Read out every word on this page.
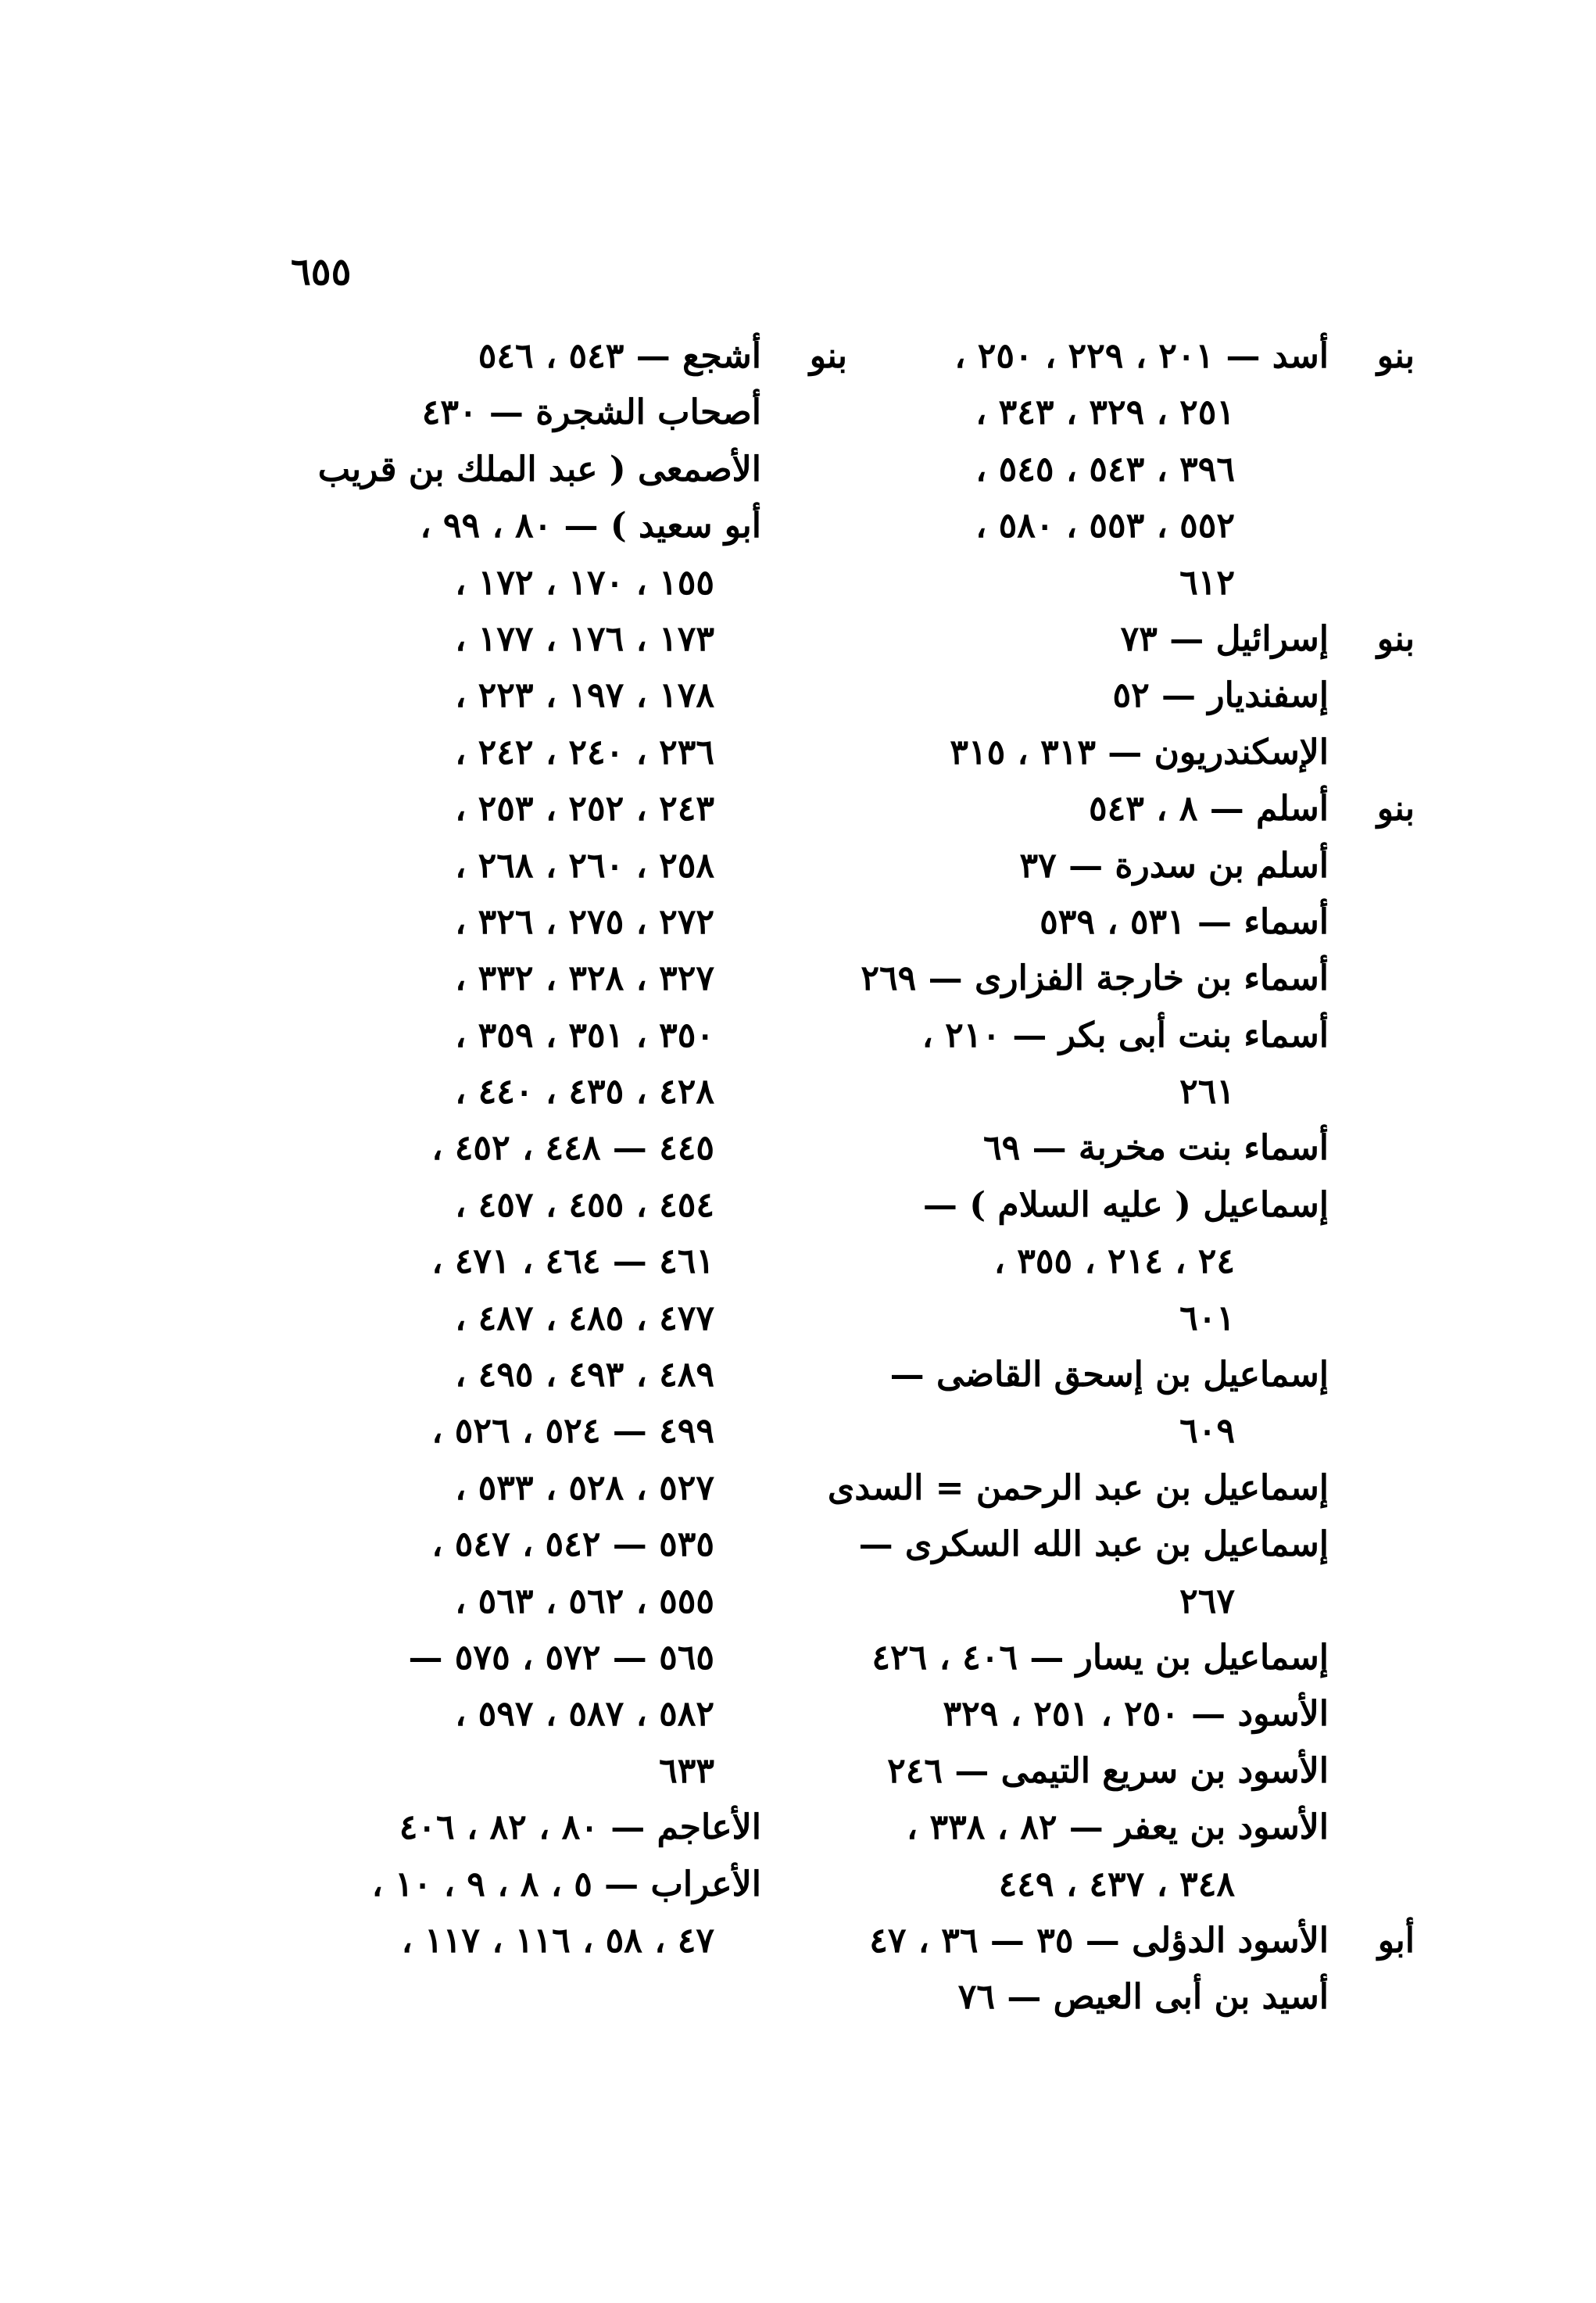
٦٥٥
بنو
أسد — ٢٠١ ، ٢٢٩ ، ٢٥٠ ،
٢٥١ ، ٣٢٩ ، ٣٤٣ ،
٣٩٦ ، ٥٤٣ ، ٥٤٥ ،
٥٥٢ ، ٥٥٣ ، ٥٨٠ ،
٦١٢
بنو
إسرائيل — ٧٣
إسفنديار — ٥٢
الإسكندريون — ٣١٣ ، ٣١٥
بنو
أسلم — ٨ ، ٥٤٣
أسلم بن سدرة — ٣٧
أسماء — ٥٣١ ، ٥٣٩
أسماء بن خارجة الفزارى — ٢٦٩
أسماء بنت أبى بكر — ٢١٠ ،
٢٦١
أسماء بنت مخربة — ٦٩
إسماعيل ( عليه السلام ) —
٢٤ ، ٢١٤ ، ٣٥٥ ،
٦٠١
إسماعيل بن إسحق القاضى —
٦٠٩
إسماعيل بن عبد الرحمن = السدى
إسماعيل بن عبد الله السكرى —
٢٦٧
إسماعيل بن يسار — ٤٠٦ ، ٤٢٦
الأسود — ٢٥٠ ، ٢٥١ ، ٣٢٩
الأسود بن سريع التيمى — ٢٤٦
الأسود بن يعفر — ٨٢ ، ٣٣٨ ،
٣٤٨ ، ٤٣٧ ، ٤٤٩
أبو
الأسود الدؤلى — ٣٥ — ٣٦ ، ٤٧
أسيد بن أبى العيص — ٧٦
بنو
أشجع — ٥٤٣ ، ٥٤٦
أصحاب الشجرة — ٤٣٠
الأصمعى ( عبد الملك بن قريب
أبو سعيد ) — ٨٠ ، ٩٩ ،
١٥٥ ، ١٧٠ ، ١٧٢ ،
١٧٣ ، ١٧٦ ، ١٧٧ ،
١٧٨ ، ١٩٧ ، ٢٢٣ ،
٢٣٦ ، ٢٤٠ ، ٢٤٢ ،
٢٤٣ ، ٢٥٢ ، ٢٥٣ ،
٢٥٨ ، ٢٦٠ ، ٢٦٨ ،
٢٧٢ ، ٢٧٥ ، ٣٢٦ ،
٣٢٧ ، ٣٢٨ ، ٣٣٢ ،
٣٥٠ ، ٣٥١ ، ٣٥٩ ،
٤٢٨ ، ٤٣٥ ، ٤٤٠ ،
٤٤٥ — ٤٤٨ ، ٤٥٢ ،
٤٥٤ ، ٤٥٥ ، ٤٥٧ ،
٤٦١ — ٤٦٤ ، ٤٧١ ،
٤٧٧ ، ٤٨٥ ، ٤٨٧ ،
٤٨٩ ، ٤٩٣ ، ٤٩٥ ،
٤٩٩ — ٥٢٤ ، ٥٢٦ ،
٥٢٧ ، ٥٢٨ ، ٥٣٣ ،
٥٣٥ — ٥٤٢ ، ٥٤٧ ،
٥٥٥ ، ٥٦٢ ، ٥٦٣ ،
٥٦٥ — ٥٧٢ ، ٥٧٥ —
٥٨٢ ، ٥٨٧ ، ٥٩٧ ،
٦٣٣
الأعاجم — ٨٠ ، ٨٢ ، ٤٠٦
الأعراب — ٥ ، ٨ ، ٩ ، ١٠ ،
٤٧ ، ٥٨ ، ١١٦ ، ١١٧ ،
